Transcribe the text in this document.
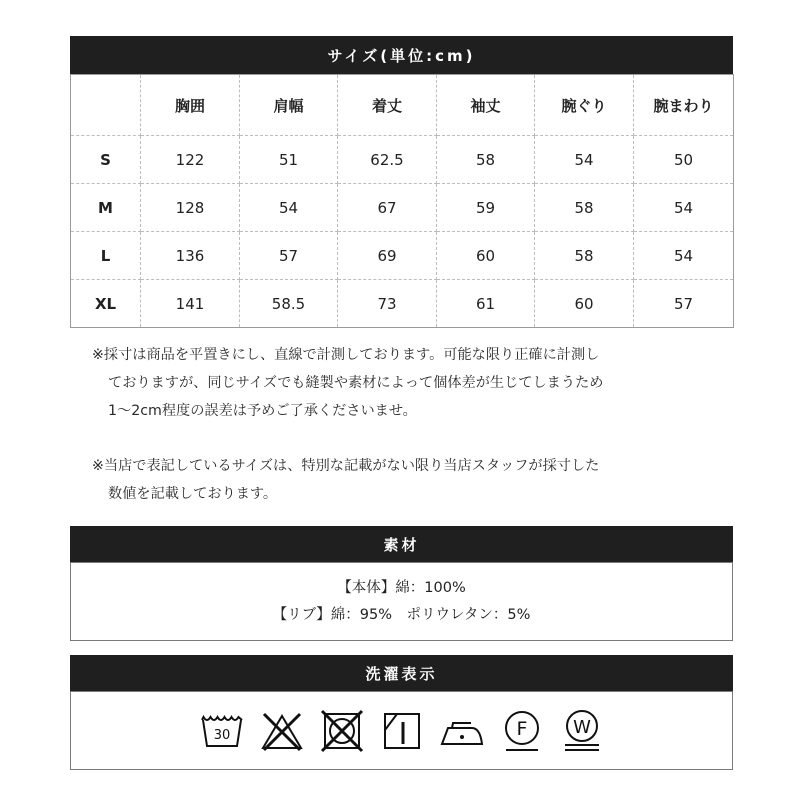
サイズ(単位:cm)
	胸囲	肩幅	着丈	袖丈	腕ぐり	腕まわり
S	122	51	62.5	58	54	50
M	128	54	67	59	58	54
L	136	57	69	60	58	54
XL	141	58.5	73	61	60	57
※採寸は商品を平置きにし、直線で計測しております。可能な限り正確に計測し

ておりますが、同じサイズでも縫製や素材によって個体差が生じてしまうため
1〜2cm程度の誤差は予めご了承くださいませ。
※当店で表記しているサイズは、特別な記載がない限り当店スタッフが採寸した

数値を記載しております。
素材
【本体】綿：100%
【リブ】綿：95%　ポリウレタン：5%
洗濯表示
30	F	W
